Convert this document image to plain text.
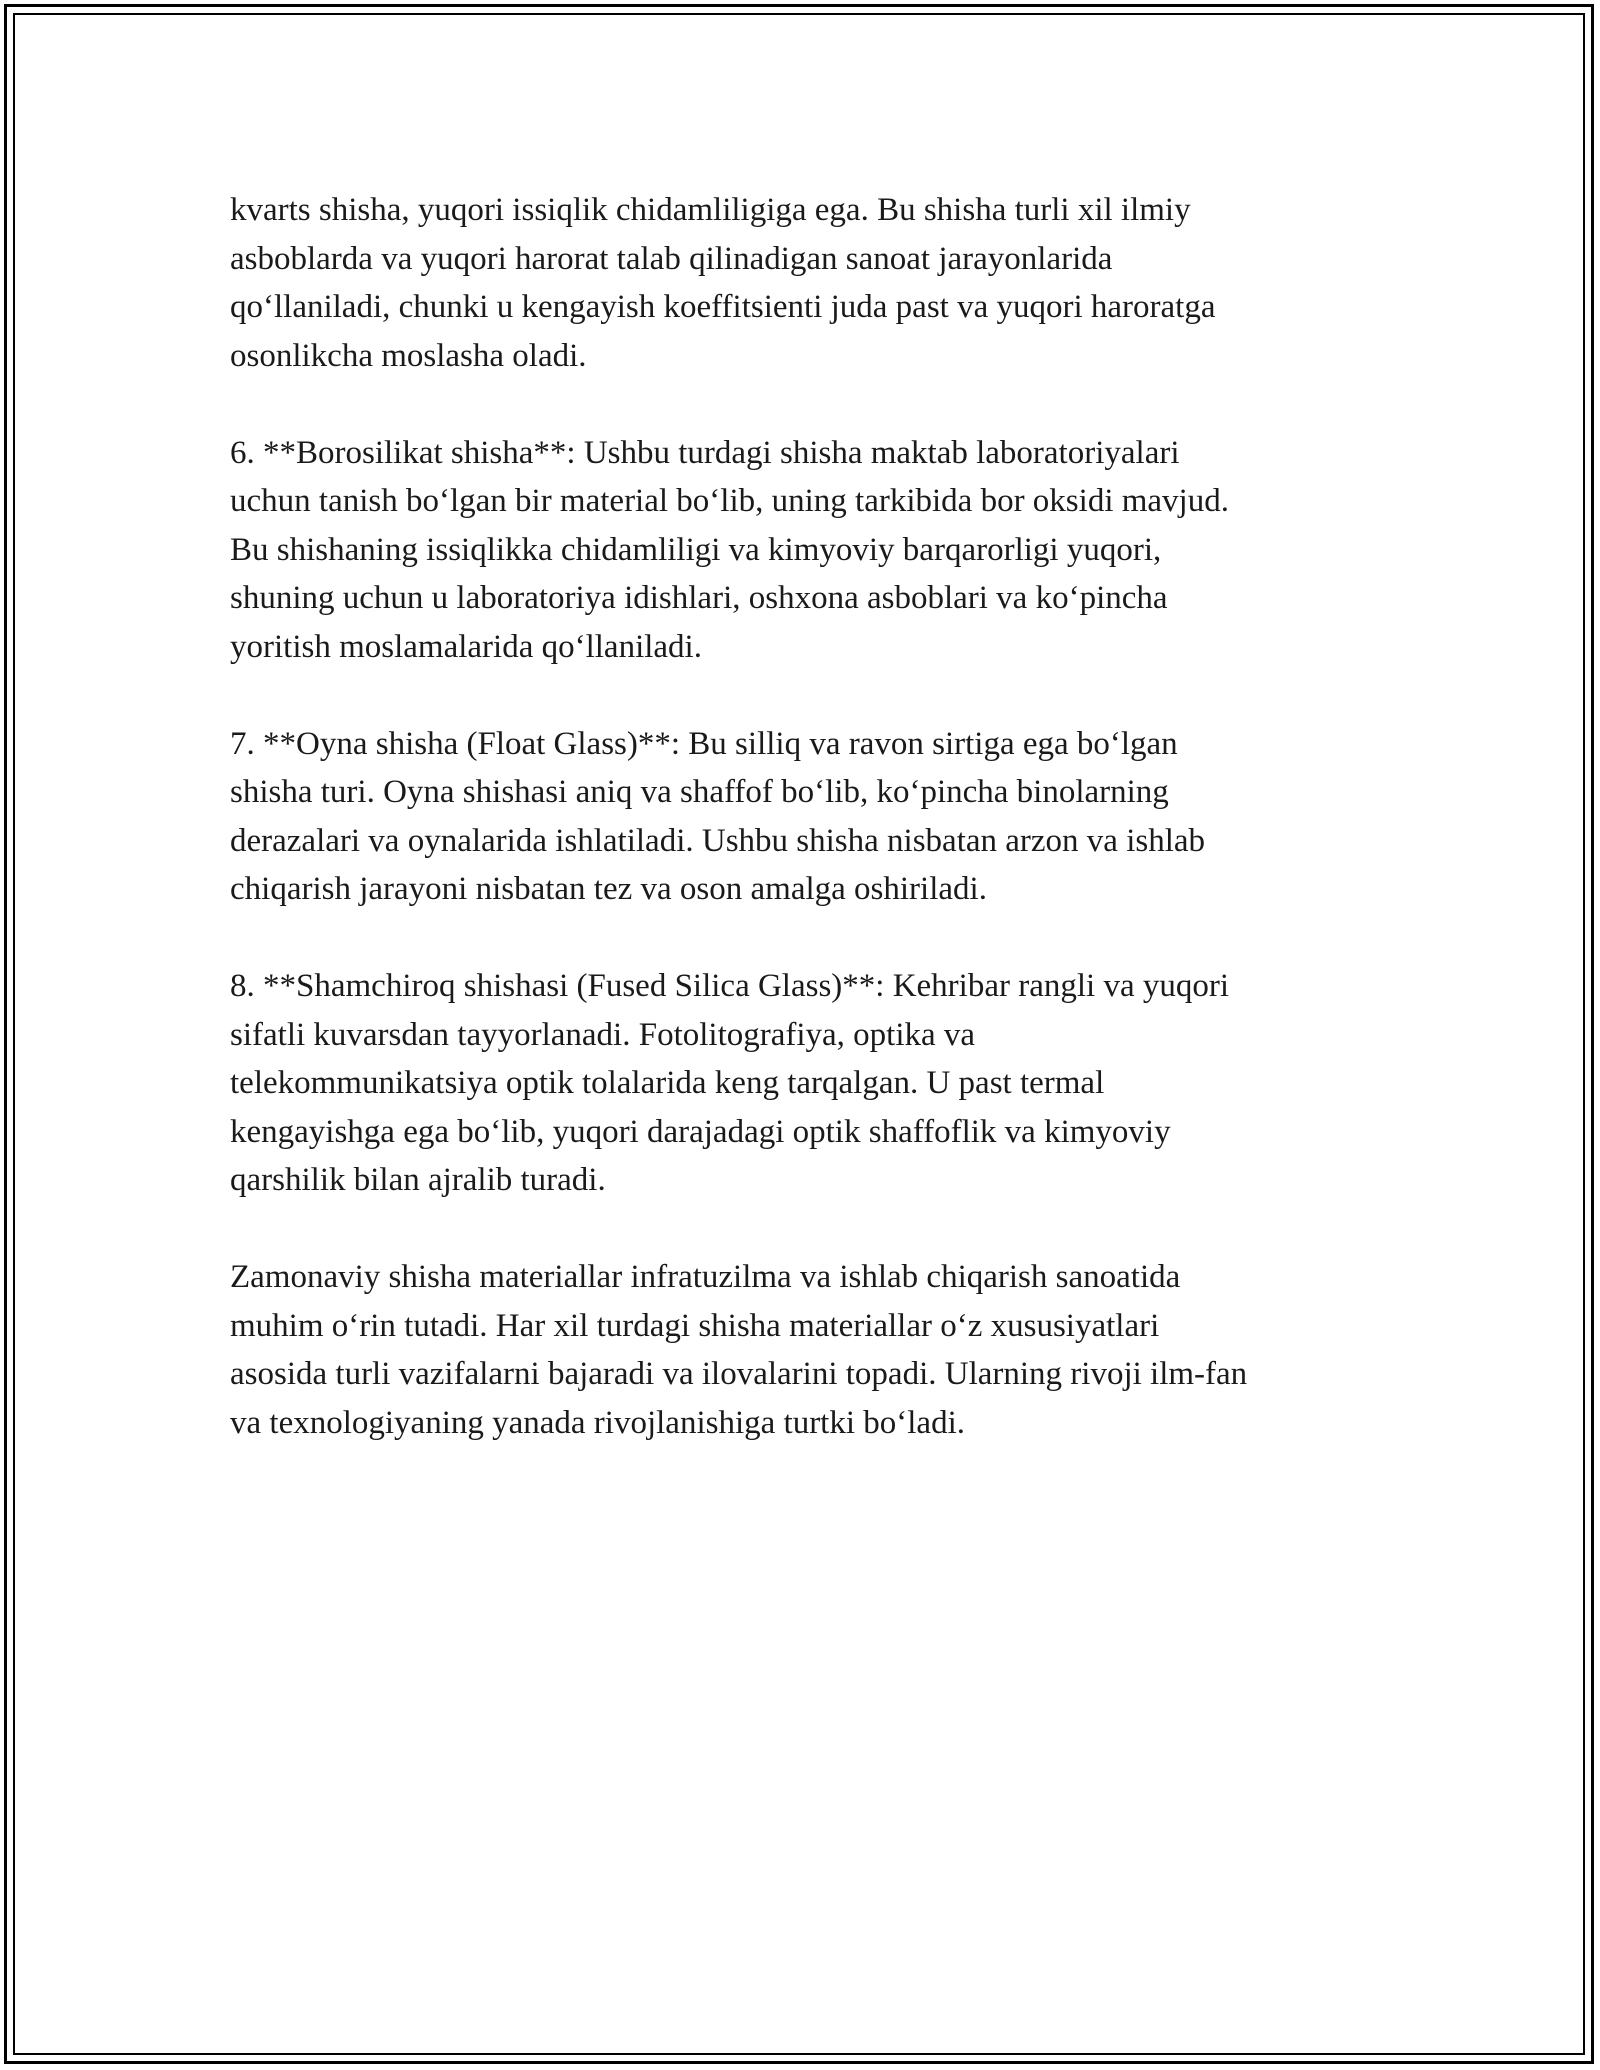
kvarts shisha, yuqori issiqlik chidamliligiga ega. Bu shisha turli xil ilmiy
asboblarda va yuqori harorat talab qilinadigan sanoat jarayonlarida
qo‘llaniladi, chunki u kengayish koeffitsienti juda past va yuqori haroratga
osonlikcha moslasha oladi.

6. **Borosilikat shisha**: Ushbu turdagi shisha maktab laboratoriyalari
uchun tanish bo‘lgan bir material bo‘lib, uning tarkibida bor oksidi mavjud.
Bu shishaning issiqlikka chidamliligi va kimyoviy barqarorligi yuqori,
shuning uchun u laboratoriya idishlari, oshxona asboblari va ko‘pincha
yoritish moslamalarida qo‘llaniladi.

7. **Oyna shisha (Float Glass)**: Bu silliq va ravon sirtiga ega bo‘lgan
shisha turi. Oyna shishasi aniq va shaffof bo‘lib, ko‘pincha binolarning
derazalari va oynalarida ishlatiladi. Ushbu shisha nisbatan arzon va ishlab
chiqarish jarayoni nisbatan tez va oson amalga oshiriladi.

8. **Shamchiroq shishasi (Fused Silica Glass)**: Kehribar rangli va yuqori
sifatli kuvarsdan tayyorlanadi. Fotolitografiya, optika va
telekommunikatsiya optik tolalarida keng tarqalgan. U past termal
kengayishga ega bo‘lib, yuqori darajadagi optik shaffoflik va kimyoviy
qarshilik bilan ajralib turadi.

Zamonaviy shisha materiallar infratuzilma va ishlab chiqarish sanoatida
muhim o‘rin tutadi. Har xil turdagi shisha materiallar o‘z xususiyatlari
asosida turli vazifalarni bajaradi va ilovalarini topadi. Ularning rivoji ilm-fan
va texnologiyaning yanada rivojlanishiga turtki bo‘ladi.
